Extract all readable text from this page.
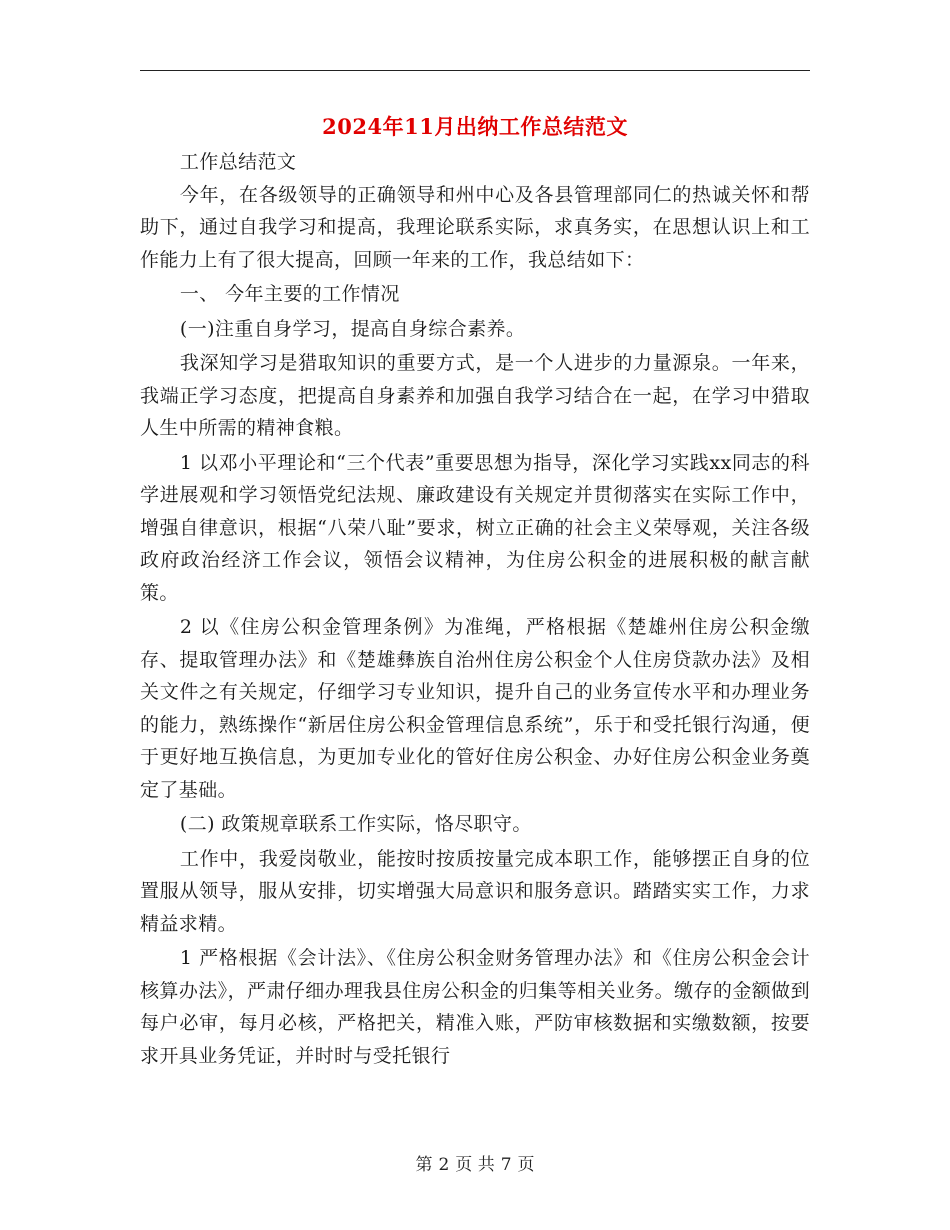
2024年11月出纳工作总结范文

工作总结范文

今年，在各级领导的正确领导和州中心及各县管理部同仁的热诚关怀和帮助下，通过自我学习和提高，我理论联系实际，求真务实，在思想认识上和工作能力上有了很大提高，回顾一年来的工作，我总结如下：

一、 今年主要的工作情况

(一)注重自身学习，提高自身综合素养。

我深知学习是猎取知识的重要方式，是一个人进步的力量源泉。一年来，我端正学习态度，把提高自身素养和加强自我学习结合在一起，在学习中猎取人生中所需的精神食粮。

1 以邓小平理论和“三个代表”重要思想为指导，深化学习实践xx同志的科学进展观和学习领悟党纪法规、廉政建设有关规定并贯彻落实在实际工作中，增强自律意识，根据“八荣八耻”要求，树立正确的社会主义荣辱观，关注各级政府政治经济工作会议，领悟会议精神，为住房公积金的进展积极的献言献策。

2 以《住房公积金管理条例》为准绳，严格根据《楚雄州住房公积金缴存、提取管理办法》和《楚雄彝族自治州住房公积金个人住房贷款办法》及相关文件之有关规定，仔细学习专业知识，提升自己的业务宣传水平和办理业务的能力，熟练操作“新居住房公积金管理信息系统”，乐于和受托银行沟通，便于更好地互换信息，为更加专业化的管好住房公积金、办好住房公积金业务奠定了基础。

(二) 政策规章联系工作实际，恪尽职守。

工作中，我爱岗敬业，能按时按质按量完成本职工作，能够摆正自身的位置服从领导，服从安排，切实增强大局意识和服务意识。踏踏实实工作，力求精益求精。

1 严格根据《会计法》、《住房公积金财务管理办法》和《住房公积金会计核算办法》，严肃仔细办理我县住房公积金的归集等相关业务。缴存的金额做到每户必审，每月必核，严格把关，精准入账，严防审核数据和实缴数额，按要求开具业务凭证，并时时与受托银行

第 2 页 共 7 页
